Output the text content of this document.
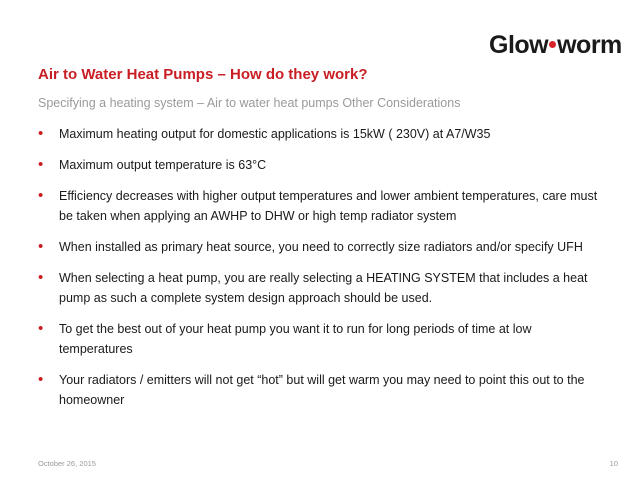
Glow worm
Air to Water Heat Pumps – How do they work?
Specifying a heating system – Air to water heat pumps Other Considerations
• Maximum heating output for domestic applications is 15kW ( 230V) at A7/W35
• Maximum output temperature is 63°C
• Efficiency decreases with higher output temperatures and lower ambient temperatures, care must be taken when applying an AWHP to DHW or high temp radiator system
• When installed as primary heat source, you need to correctly size radiators and/or specify UFH
• When selecting a heat pump, you are really selecting a HEATING SYSTEM that includes a heat pump as such a complete system design approach should be used.
• To get the best out of your heat pump you want it to run for long periods of time at low temperatures
• Your radiators / emitters will not get “hot” but will get warm you may need to point this out to the homeowner
October 26, 2015	10
